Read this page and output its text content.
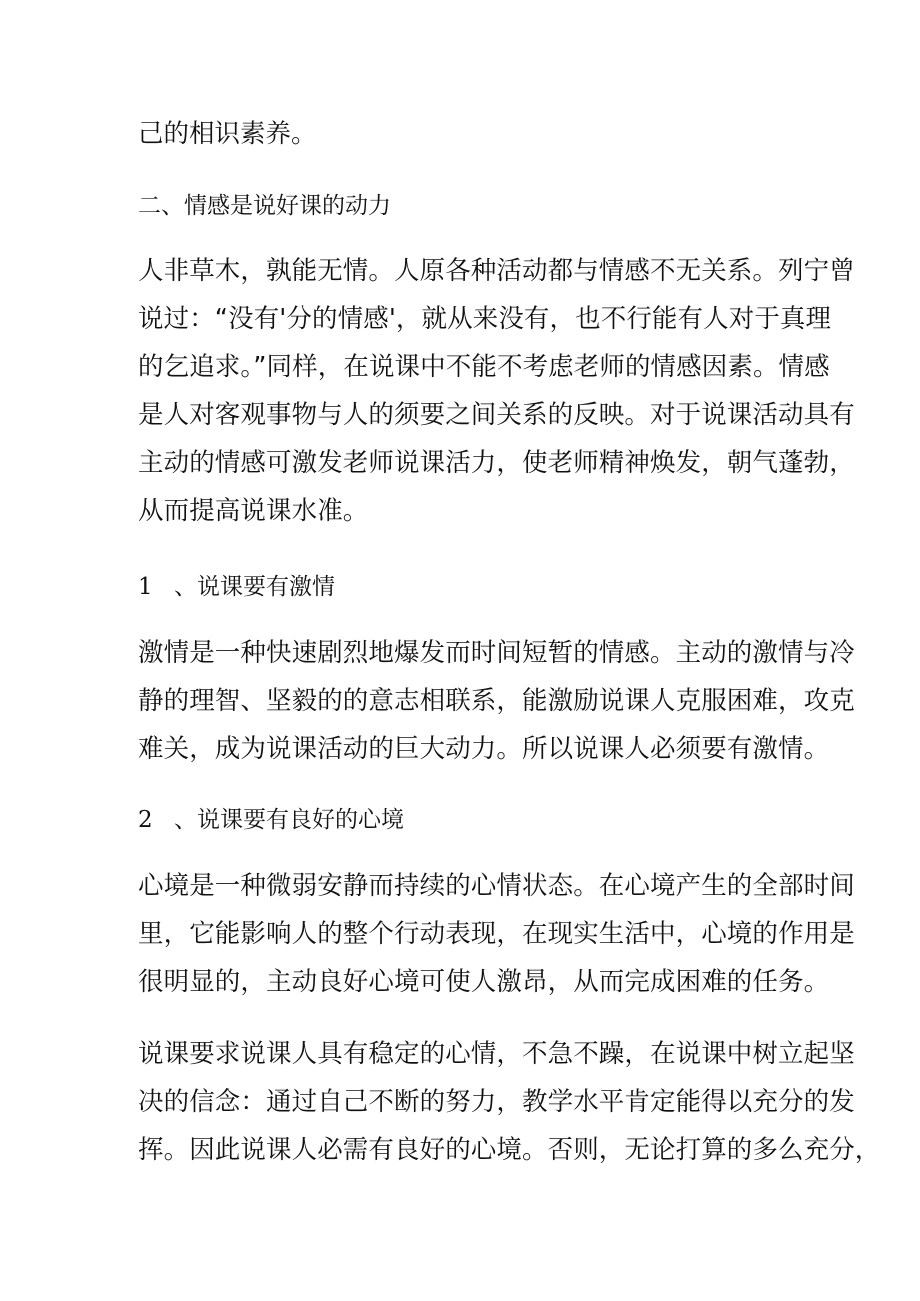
己的相识素养。

二、情感是说好课的动力

人非草木，孰能无情。人原各种活动都与情感不无关系。列宁曾
说过：“没有'分的情感'，就从来没有，也不行能有人对于真理
的乞追求。”同样，在说课中不能不考虑老师的情感因素。情感
是人对客观事物与人的须要之间关系的反映。对于说课活动具有
主动的情感可激发老师说课活力，使老师精神焕发，朝气蓬勃，
从而提高说课水准。

1 、说课要有激情

激情是一种快速剧烈地爆发而时间短暂的情感。主动的激情与冷
静的理智、坚毅的的意志相联系，能激励说课人克服困难，攻克
难关，成为说课活动的巨大动力。所以说课人必须要有激情。

2 、说课要有良好的心境

心境是一种微弱安静而持续的心情状态。在心境产生的全部时间
里，它能影响人的整个行动表现，在现实生活中，心境的作用是
很明显的，主动良好心境可使人激昂，从而完成困难的任务。

说课要求说课人具有稳定的心情，不急不躁，在说课中树立起坚
决的信念：通过自己不断的努力，教学水平肯定能得以充分的发
挥。因此说课人必需有良好的心境。否则，无论打算的多么充分，
